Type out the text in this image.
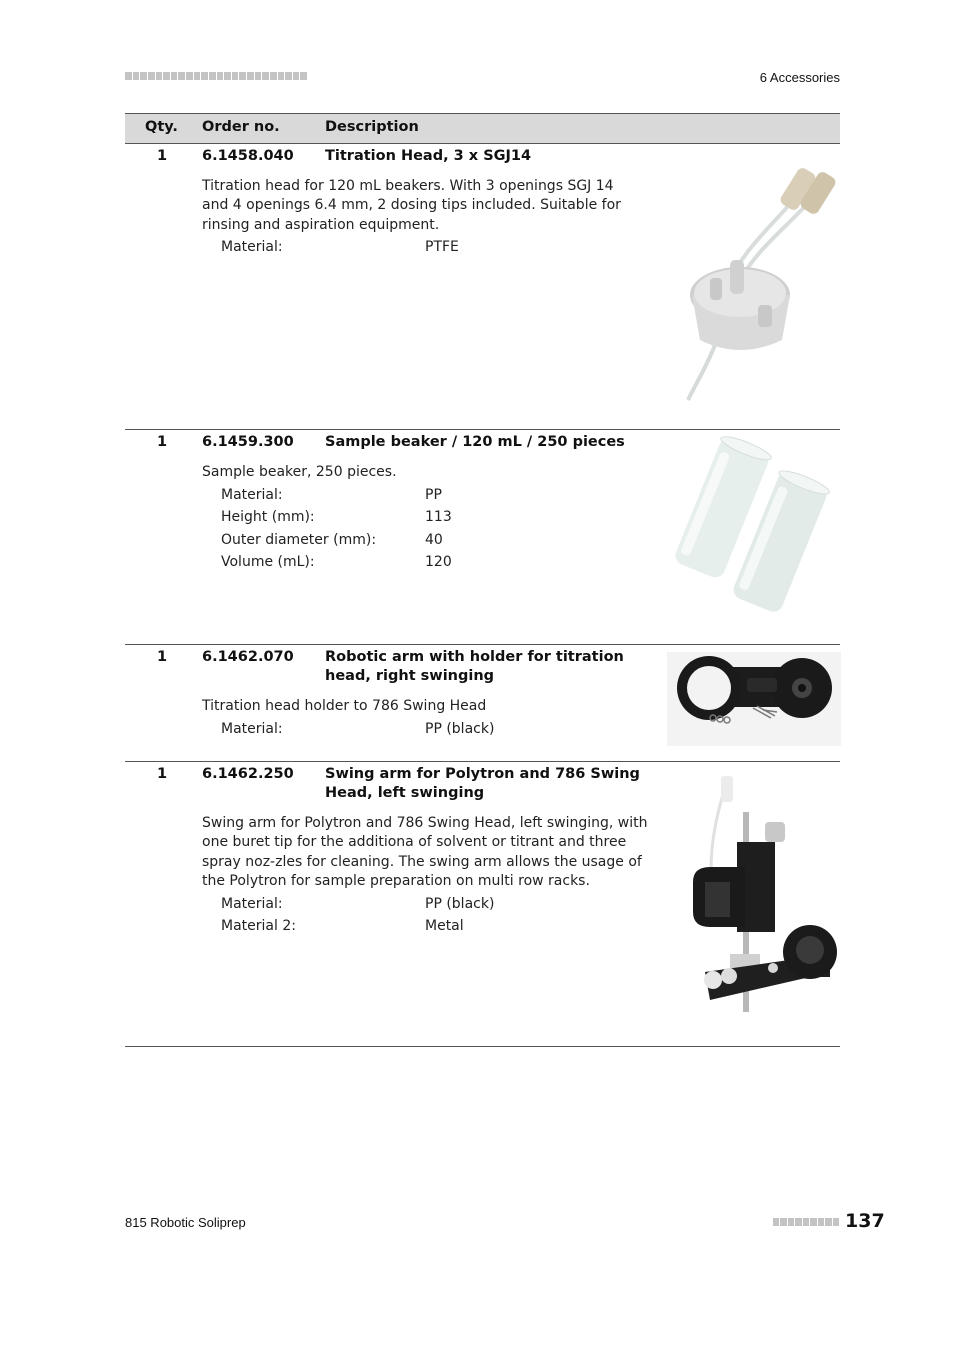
6 Accessories
Qty. Order no.	Description
1 6.1458.040 Titration Head, 3 x SGJ14
Titration head for 120 mL beakers. With 3 openings SGJ 14 and 4 openings 6.4 mm, 2 dosing tips included. Suitable for rinsing and aspiration equipment.
Material:	PTFE
1 6.1459.300 Sample beaker / 120 mL / 250 pieces
Sample beaker, 250 pieces.
Material:	PP
Height (mm):	113
Outer diameter (mm):	40
Volume (mL):	120
1 6.1462.070 Robotic arm with holder for titration head, right swinging
Titration head holder to 786 Swing Head
Material:	PP (black)
1 6.1462.250 Swing arm for Polytron and 786 Swing Head, left swinging
Swing arm for Polytron and 786 Swing Head, left swinging, with one buret tip for the additiona of solvent or titrant and three spray noz-zles for cleaning. The swing arm allows the usage of the Polytron for sample preparation on multi row racks.
Material:	PP (black)
Material 2:	Metal
815 Robotic Soliprep	137
